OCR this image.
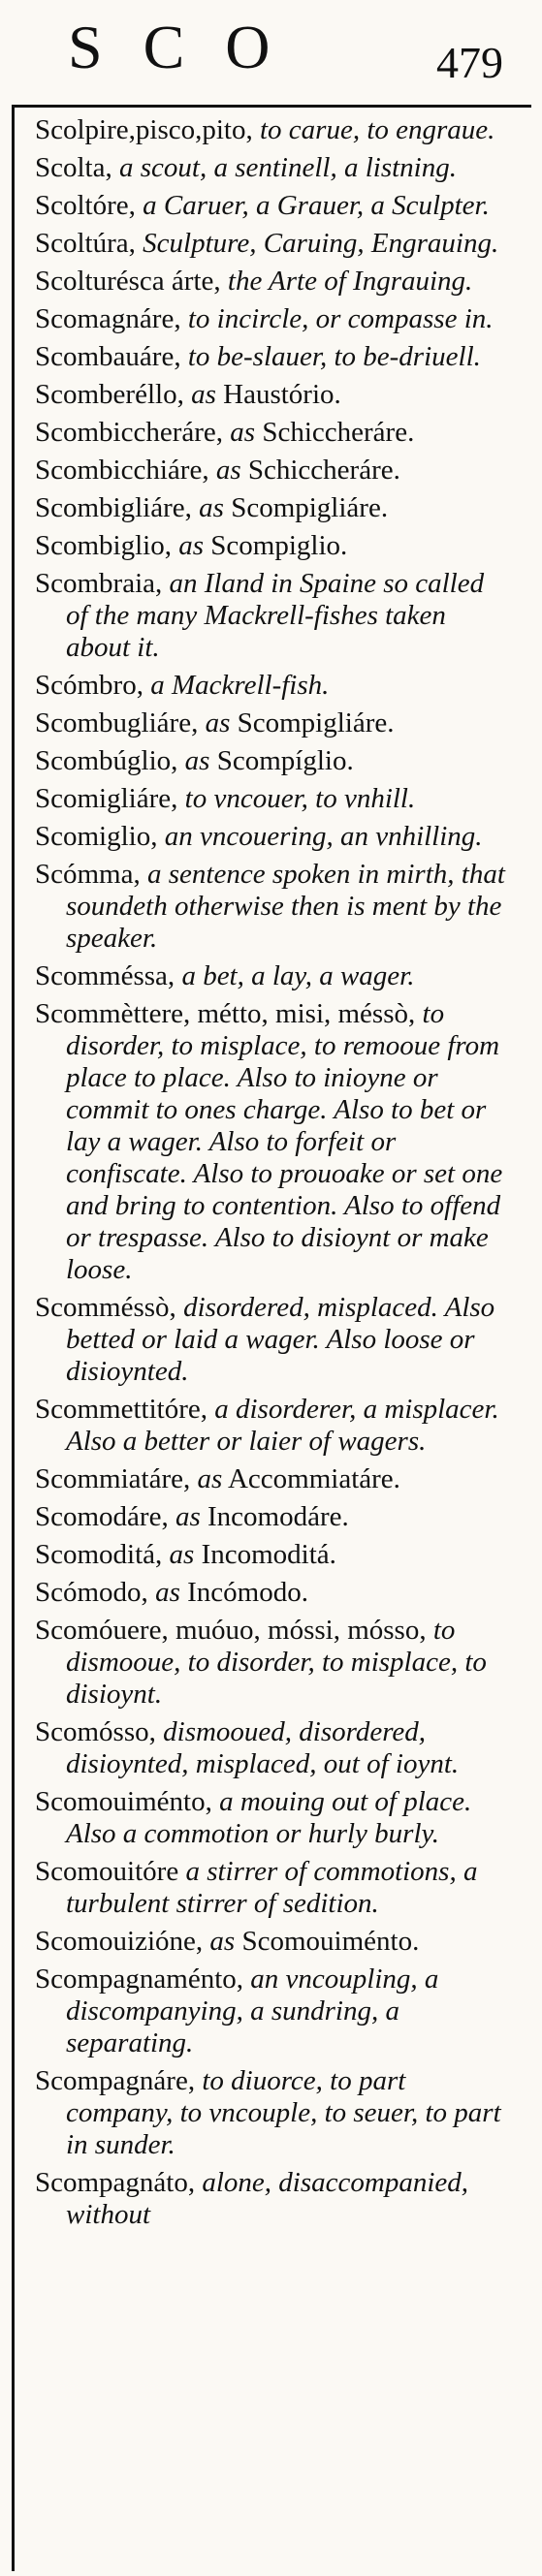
SCO	479

Scolpire,pisco,pito, to carue, to engraue.

Scolta, a scout, a sentinell, a listning.

Scoltóre, a Caruer, a Grauer, a Sculpter.

Scoltúra, Sculpture, Caruing, Engrauing.

Scolturésca árte, the Arte of Ingrauing.

Scomagnáre, to incircle, or compasse in.

Scombauáre, to be-slauer, to be-driuell.

Scomberéllo, as Haustório.

Scombiccheráre, as Schiccheráre.

Scombicchiáre, as Schiccheráre.

Scombigliáre, as Scompigliáre.

Scombiglio, as Scompiglio.

Scombraia, an Iland in Spaine so called of the many Mackrell-fishes taken about it.

Scómbro, a Mackrell-fish.

Scombugliáre, as Scompigliáre.

Scombúglio, as Scompíglio.

Scomigliáre, to vncouer, to vnhill.

Scomiglio, an vncouering, an vnhilling.

Scómma, a sentence spoken in mirth, that soundeth otherwise then is ment by the speaker.

Scomméssa, a bet, a lay, a wager.

Scommèttere, métto, misi, méssò, to disorder, to misplace, to remooue from place to place. Also to inioyne or commit to ones charge. Also to bet or lay a wager. Also to forfeit or confiscate. Also to prouoake or set one and bring to contention. Also to offend or trespasse. Also to disioynt or make loose.

Scomméssò, disordered, misplaced. Also betted or laid a wager. Also loose or disioynted.

Scommettitóre, a disorderer, a misplacer. Also a better or laier of wagers.

Scommiatáre, as Accommiatáre.

Scomodáre, as Incomodáre.

Scomoditá, as Incomoditá.

Scómodo, as Incómodo.

Scomóuere, muóuo, móssi, mósso, to dismooue, to disorder, to misplace, to disioynt.

Scomósso, dismooued, disordered, disioynted, misplaced, out of ioynt.

Scomouiménto, a mouing out of place. Also a commotion or hurly burly.

Scomouitóre a stirrer of commotions, a turbulent stirrer of sedition.

Scomouizióne, as Scomouiménto.

Scompagnaménto, an vncoupling, a discompanying, a sundring, a separating.

Scompagnáre, to diuorce, to part company, to vncouple, to seuer, to part in sunder.

Scompagnáto, alone, disaccompanied, without
